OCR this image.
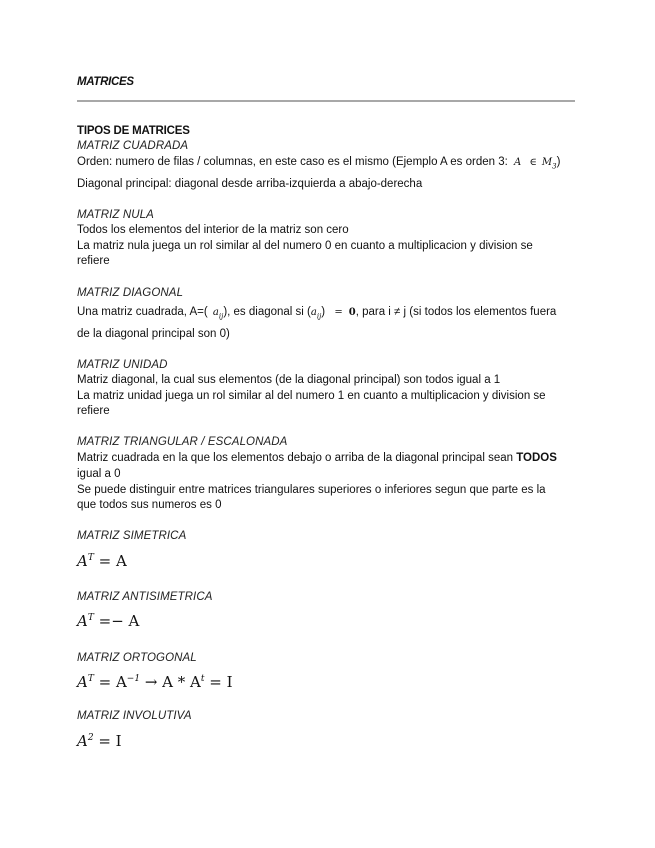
MATRICES
TIPOS DE MATRICES
MATRIZ CUADRADA
Orden: numero de filas / columnas, en este caso es el mismo (Ejemplo A es orden 3: A ∈ $M_3$)
Diagonal principal: diagonal desde arriba-izquierda a abajo-derecha
MATRIZ NULA
Todos los elementos del interior de la matriz son cero
La matriz nula juega un rol similar al del numero 0 en cuanto a multiplicacion y division se
refiere
MATRIZ DIAGONAL
Una matriz cuadrada, A=( $a_{ij}$), es diagonal si $(a_{ij}) = 0$, para i ≠ j (si todos los elementos fuera
de la diagonal principal son 0)
MATRIZ UNIDAD
Matriz diagonal, la cual sus elementos (de la diagonal principal) son todos igual a 1
La matriz unidad juega un rol similar al del numero 1 en cuanto a multiplicacion y division se
refiere
MATRIZ TRIANGULAR / ESCALONADA
Matriz cuadrada en la que los elementos debajo o arriba de la diagonal principal sean TODOS
igual a 0
Se puede distinguir entre matrices triangulares superiores o inferiores segun que parte es la
que todos sus numeros es 0
MATRIZ SIMETRICA
$A^T = A$
MATRIZ ANTISIMETRICA
$A^T =- A$
MATRIZ ORTOGONAL
$A^T = A^{-1} \to A * A^t = I$
MATRIZ INVOLUTIVA
$A^2 = I$
